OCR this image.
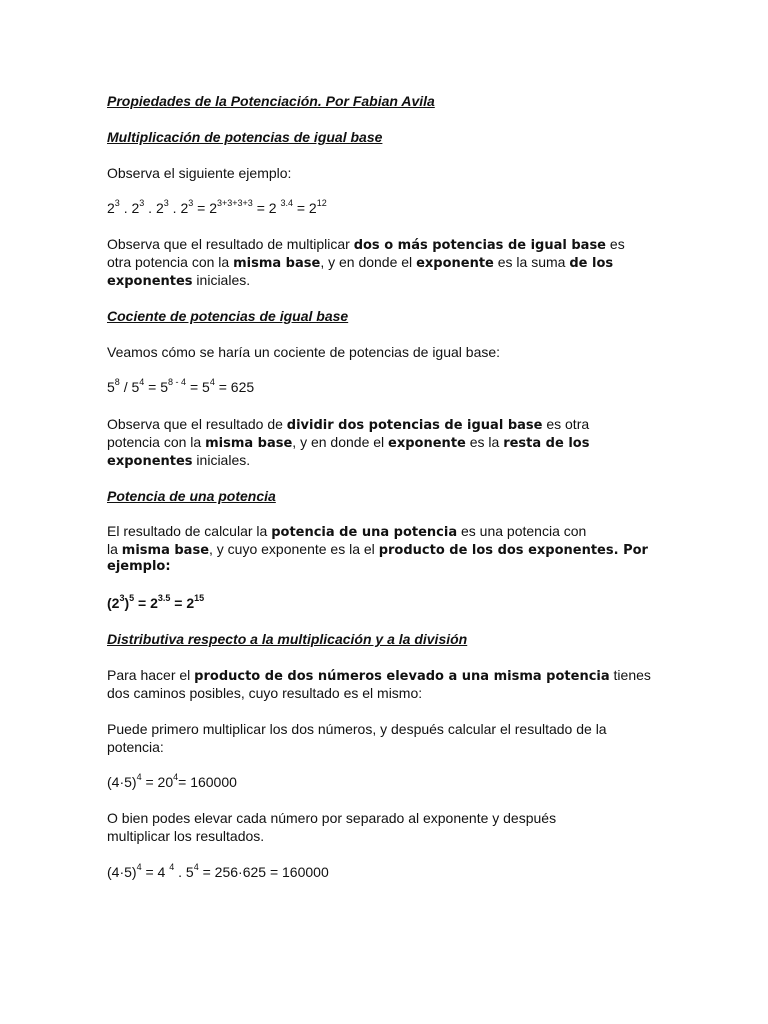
Propiedades de la Potenciación. Por Fabian Avila

Multiplicación de potencias de igual base

Observa el siguiente ejemplo:

$2^3$ . $2^3$ . $2^3$ . $2^3 = 2^{3+3+3+3} = 2$ $^{3.4} = 2^{12}$

Observa que el resultado de multiplicar dos o más potencias de igual base es

otra potencia con la misma base, y en donde el exponente es la suma de los

exponentes iniciales.

Cociente de potencias de igual base

Veamos cómo se haría un cociente de potencias de igual base:

$5^8 / 5^4 = 5^{8 - 4} = 5^4 = 625$

Observa que el resultado de dividir dos potencias de igual base es otra

potencia con la misma base, y en donde el exponente es la resta de los

exponentes iniciales.

Potencia de una potencia

El resultado de calcular la potencia de una potencia es una potencia con

la misma base, y cuyo exponente es la el producto de los dos exponentes. Por

ejemplo:

$(2^3)^5 = 2^{3.5} = 2^{15}$

Distributiva respecto a la multiplicación y a la división

Para hacer el producto de dos números elevado a una misma potencia tienes

dos caminos posibles, cuyo resultado es el mismo:

Puede primero multiplicar los dos números, y después calcular el resultado de la

potencia:

$(4\cdot 5)^4 = 20^4= 160000$

O bien podes elevar cada número por separado al exponente y después

multiplicar los resultados.

$(4\cdot 5)^4 = 4$ $^4$ . $5^4 = 256\cdot 625 = 160000$
